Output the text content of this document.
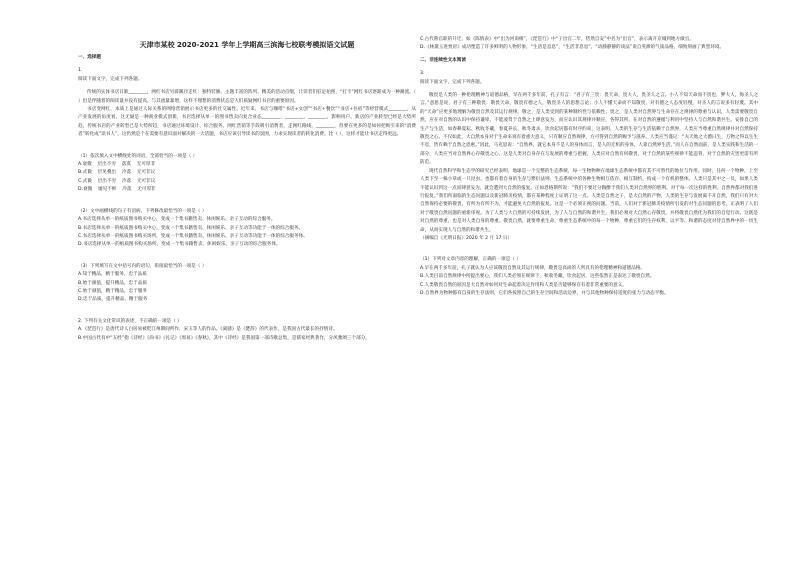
天津市某校 2020-2021 学年上学期高三滨海七校联考模拟语文试题
一、选择题
1.
阅读下面文字，完成下列各题。
传统的实体书店日渐________，网红书店另辟蹊径走红：独特装修、主题丰富的阵列、精美的活动点缀，让读者们驻足拍照，“打卡”网红书店逐渐成为一种潮流。（ ）但是伴随着的阅读量并没有提高，与其流量暴增，这样不理想的消费状态是人们质疑网红书店的重要原因。
书店变网红，本质上是通过人际关系的网络营销展示书店更多的社交属性。近年来，书店与咖啡“书店+文创”“书店+餐饮”“书店+住宿”等经营模式________，从产业发展的角度看，这无疑是一种商业模式创新，书店选择从单一的图书售卖向复合业态________，________，________，影响用户。新店的产业转型已经是大势所趋。传统书店的产业转型已是大势所趋，书店通过环境设计、综合服务、网红营销等手段吸引消费者，走网红路线，________，但要在更多的是如何把吸引来的“消费者”转化成“读书人”，这仍然是个在需要有意识面对解决的一大话题，书店应该引导读书的氛围，力求实现读者的转化消费。比（ ），这样才能让书店走得更远。
（1）依次填入文中横线处的词语，全部恰当的一项是（ ）
A.衰微    层出不穷    落寞    无可厚非
B.式微    层见叠出    冷落    无可非议
C.式微    层出不穷    冷落    无可非议
D.衰微    屡见不鲜    冷落    无可厚非
（2）文中画横线的句子有语病，下列修改最恰当的一项是（ ）
A.书店选择从单一的纸质图书购买中心，变成一个集书籍售卖、休闲娱乐、亲子互动的综合服务。
B.书店选择从单一的纸质图书购买中心，变成一个集书籍售卖、休闲娱乐、亲子互动等功能于一体的综合服务。
C.书店选择从单一的纸质图书购买场所，变成一个集书籍售卖、休闲娱乐、亲子互动等功能于一体的综合服务体。
D.书店选择从单一的纸质图书购买场所，变成一个集书籍售卖、休闲娱乐、亲子互动的综合服务体。
（3）下列填写在文中括号内的语句，衔接最恰当的一项是（ ）
A.知于精品，精于服务，忠于品质
B.始于颜值，提升精品，忠于品质
C.始于颜值，精于精品，忠于服务
D.忠于品质，提升精品，精于服务
2. 下列有关文化常识的表述，不正确的一项是（ ）
A.《琵琶行》是唐代诗人白居易被贬江州期间所作，宋玉等人的作品。《离骚》是《楚辞》的代表作，是我国古代最长的抒情诗。
B.中国古代有中“五经”指《诗经》《尚书》《礼记》《周易》《春秋》，其中《诗经》是我国第一部诗歌总集，是儒家经典著作，分风雅颂三个部分。
C.古代称官职的升迁、如《陈情表》中“出为河南相”，《琵琶行》中“子出官二年，恬然自安”中名为“出官”，表示离开京城到地方做官。
D.《林黛玉进贾府》成功塑造了许多鲜明的人物形象，“生活是息息”，“生活非息息”，“动静静静的谈法”说自英渺的气质品格，细致刻画了典型环境。
二、非连续性文本阅读
3.
阅读下面文字，完成下列各题。
敬畏是人类的一种伦理精神与道德品格，早在两千多年前，孔子有言：“君子有三畏：畏天命，畏大人，畏圣人之言。小人不知天命而不畏也，狎大人，侮圣人之言。”意思是说，君子有三种敬畏：敬畏天命，敬畏有德之人，敬畏圣人的思想言论；小人不懂天命而不知敬畏，对有德之人态度轻慢，对圣人的言说多有轻蔑。其中的“天命”应更多地理解为敬畏自然及其运行规律。敬之，是人类受到的某种制约性与依赖性；畏之，是人类对自然界与生命存在之规律的尊重与认识，人类需要敬畏自然，应在对自然的认识中保持谦卑，不能凌驾于自然之上肆意妄为，而应认识其规律并顺应，各得其所，在对自然的遵循与利用中坚持人与自然和谐共生。安排自己的生产与生活，如春耕夏耘、秋收冬藏，春夏养长、秋冬肃杀，饮食起居都有时序约束，这表明，人类的生存与生活依赖于自然界，人类应当尊重自然规律并对自然保持敬畏之心。不仅如此，大自然本身对于生命来说有着重大意义，只有顺应自然规律，方可得到自然的赐予与滋养。人类应当谨记：“夫天地之大德曰生，万物之得以生生不息，皆有赖于自然之恩惠。”因此，马克思说：“自然界，就它本身不是人的身体而言，是人的无机的身体，人靠自然界生活。”而人在自然面前，是人类实践和生活的一部分，人类应当对自然界心存敬畏之心，这是人类对自身存在与发展的尊重与把握，人类应对自然有何敬畏，对于自然的某些规律不能违背，对于自然的灾害更需有所防范。
现代自然科学和生态学的研究已经表明，地球是一个完整的生态系统，每一生物物种在地球生态系统中都有其不可替代的地位与作用。同时，任何一个物种，上至人类下至一株小草或一只昆虫，也都有着自身的生存与繁衍法则。生态系统中的各种生物相互依存、相互制约，构成一个有机的整体。人类只是其中之一员，如果人类不能认识到这一点而肆意妄为，就会遭到大自然的报复。正如恩格斯所说：“我们不要过分陶醉于我们人类对自然界的胜利。对于每一次这样的胜利，自然界都对我们进行报复。”我们所面临的生态问题以及新冠肺炎疫情，都在某种程度上证明了这一点。人类是自然之子，是大自然的产物，人类的生存与发展离不开自然，我们只有对大自然保持必要的敬畏，有所为有所不为，才能避免大自然的报复。这是一个必须正视的问题。当前，人们对于新冠肺炎疫情所引发的对生态问题的思考，正表明了人们对于敬畏自然问题的重新审视。为了人类与大自然的可持续发展，为了人与自然的和谐共生，我们必须对大自然心存敬畏，并将敬畏自然化为我们的自觉行动。这既是对自然的尊重，也是对人类自身的尊重。敬畏自然，就要尊重生命，尊重生态系统中的每一个物种，尊重它们的生存权利，以平等、和谐的态度对待自然界中的一切生命，从而实现人与自然的和谐共生。
（摘编自《光明日报》2020 年 2 月 17 日）
（1）下列对文章内容的理解，正确的一项是（ ）
A.早在两千多年前，孔子就认为人应该敬畏自然及其运行规律，敬畏是高尚的人所具有的伦理精神和道德品格。
B.人类目前自然规律中所提出要心，我们人类必须在规律下，秋收冬藏，饮食起居，这些依然正是表达了敬畏自然。
C.人类敬畏自然的原因是大自然对如何对生命起着决定作用和人类是否能够保存有着非常重要的意义。
D.自然界为物种都有自身的生存法则，它们各按照自己的生存空间和活动边界，并与其他物种保持适度的张力与动态平衡。
